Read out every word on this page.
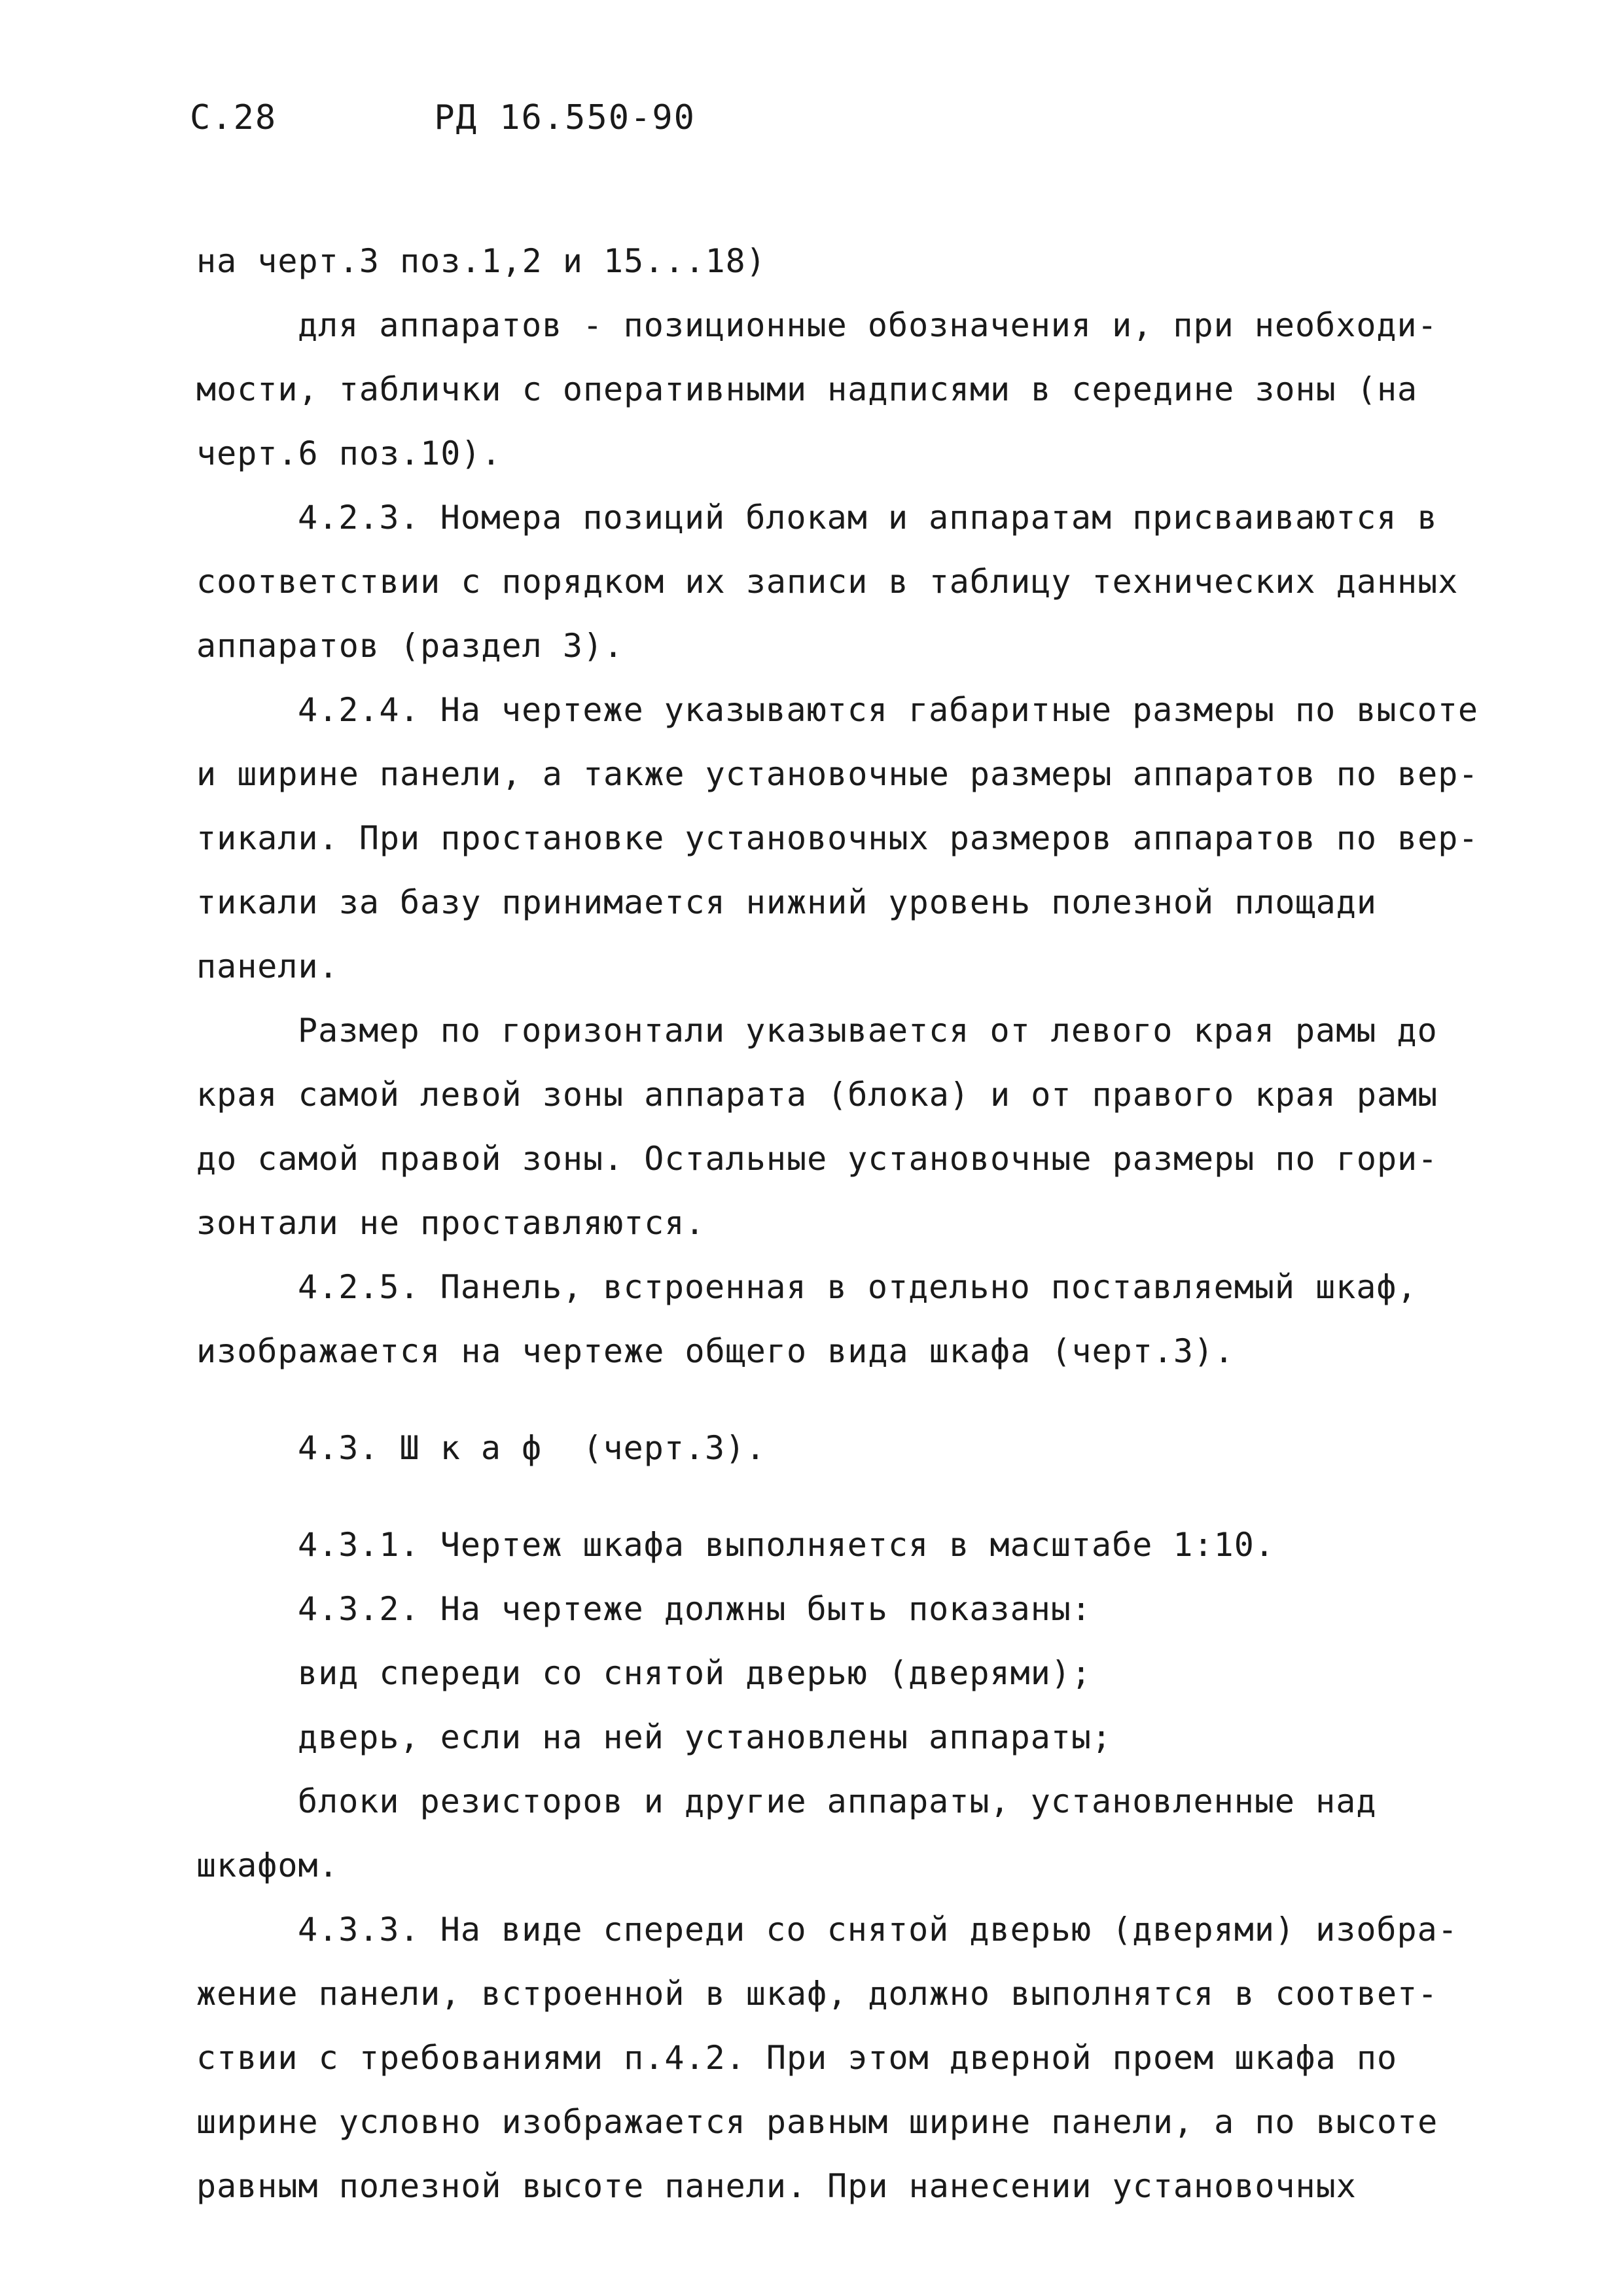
С.28	РД 16.550-90
на черт.3 поз.1,2 и 15...18)
для аппаратов - позиционные обозначения и, при необходи-
мости, таблички с оперативными надписями в середине зоны (на
черт.6 поз.10).
4.2.3. Номера позиций блокам и аппаратам присваиваются в
соответствии с порядком их записи в таблицу технических данных
аппаратов (раздел 3).
4.2.4. На чертеже указываются габаритные размеры по высоте
и ширине панели, а также установочные размеры аппаратов по вер-
тикали. При простановке установочных размеров аппаратов по вер-
тикали за базу принимается нижний уровень полезной площади
панели.
Размер по горизонтали указывается от левого края рамы до
края самой левой зоны аппарата (блока) и от правого края рамы
до самой правой зоны. Остальные установочные размеры по гори-
зонтали не проставляются.
4.2.5. Панель, встроенная в отдельно поставляемый шкаф,
изображается на чертеже общего вида шкафа (черт.3).
4.3. Ш к а ф  (черт.3).
4.3.1. Чертеж шкафа выполняется в масштабе 1:10.
4.3.2. На чертеже должны быть показаны:
вид спереди со снятой дверью (дверями);
дверь, если на ней установлены аппараты;
блоки резисторов и другие аппараты, установленные над
шкафом.
4.3.3. На виде спереди со снятой дверью (дверями) изобра-
жение панели, встроенной в шкаф, должно выполнятся в соответ-
ствии с требованиями п.4.2. При этом дверной проем шкафа по
ширине условно изображается равным ширине панели, а по высоте
равным полезной высоте панели. При нанесении установочных
